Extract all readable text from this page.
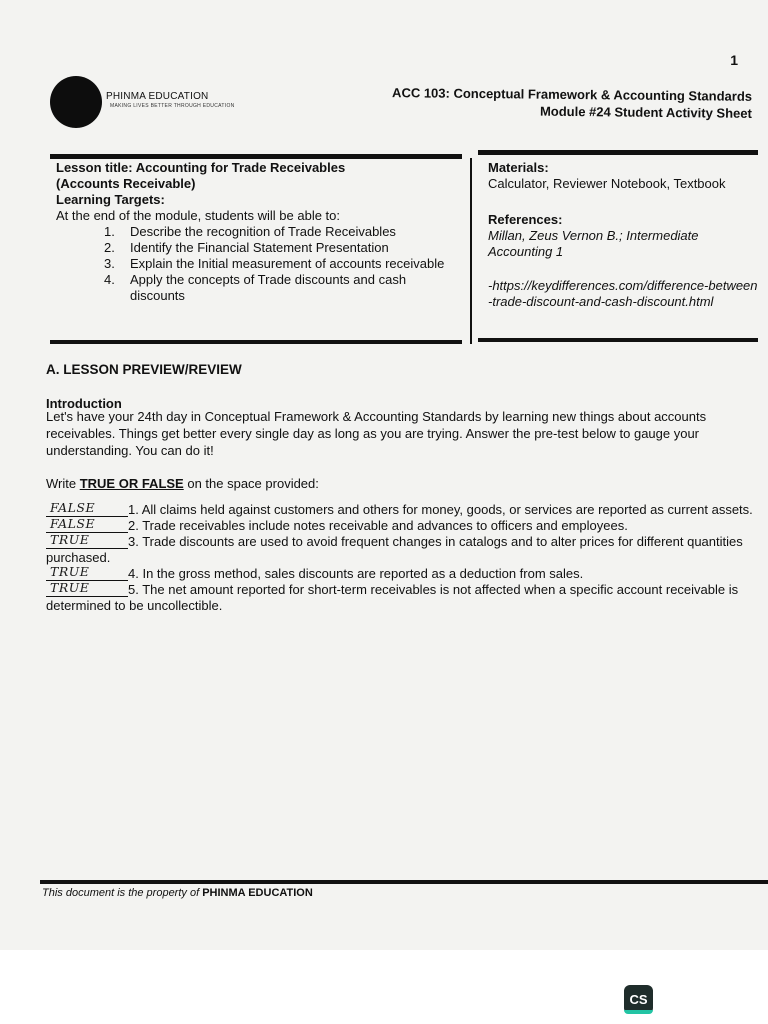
PHINMA EDUCATION
MAKING LIVES BETTER THROUGH EDUCATION
1
ACC 103: Conceptual Framework & Accounting Standards
Module #24 Student Activity Sheet
Lesson title: Accounting for Trade Receivables
(Accounts Receivable)
Learning Targets:
At the end of the module, students will be able to:
1. Describe the recognition of Trade Receivables
2. Identify the Financial Statement Presentation
3. Explain the Initial measurement of accounts receivable
4. Apply the concepts of Trade discounts and cash discounts
Materials:
Calculator, Reviewer Notebook, Textbook
References:
Millan, Zeus Vernon B.; Intermediate Accounting 1
-https://keydifferences.com/difference-between-trade-discount-and-cash-discount.html
A. LESSON PREVIEW/REVIEW
Introduction
Let's have your 24th day in Conceptual Framework & Accounting Standards by learning new things about accounts receivables. Things get better every single day as long as you are trying. Answer the pre-test below to gauge your understanding. You can do it!
Write TRUE OR FALSE on the space provided:
FALSE	1. All claims held against customers and others for money, goods, or services are reported as current assets.
FALSE	2. Trade receivables include notes receivable and advances to officers and employees.
TRUE	3. Trade discounts are used to avoid frequent changes in catalogs and to alter prices for different quantities purchased.
TRUE	4. In the gross method, sales discounts are reported as a deduction from sales.
TRUE	5. The net amount reported for short-term receivables is not affected when a specific account receivable is determined to be uncollectible.
This document is the property of PHINMA EDUCATION
CS
